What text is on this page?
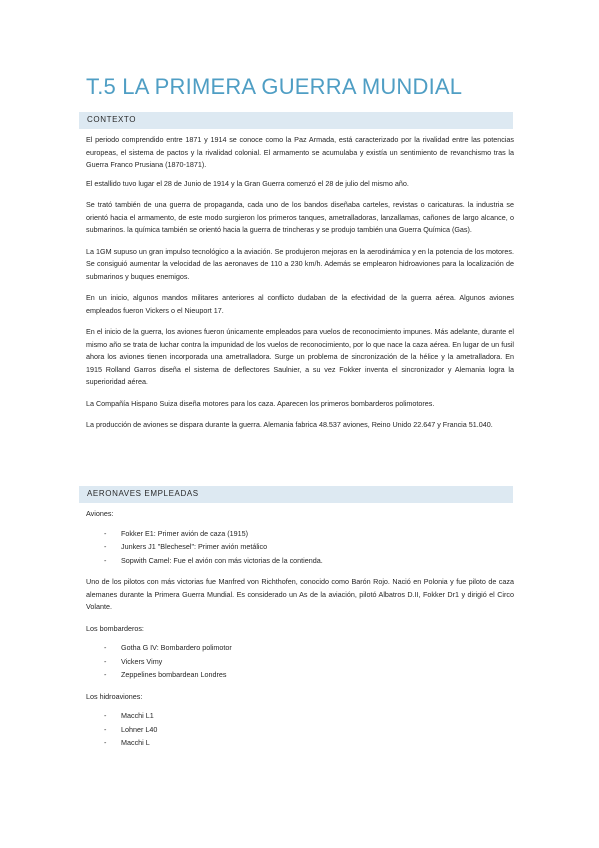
T.5 LA PRIMERA GUERRA MUNDIAL
CONTEXTO

El periodo comprendido entre 1871 y 1914 se conoce como la Paz Armada, está caracterizado por la rivalidad entre las potencias europeas, el sistema de pactos y la rivalidad colonial. El armamento se acumulaba y existía un sentimiento de revanchismo tras la Guerra Franco Prusiana (1870-1871).

El estallido tuvo lugar el 28 de Junio de 1914 y la Gran Guerra comenzó el 28 de julio del mismo año.

Se trató también de una guerra de propaganda, cada uno de los bandos diseñaba carteles, revistas o caricaturas. la industria se orientó hacia el armamento, de este modo surgieron los primeros tanques, ametralladoras, lanzallamas, cañones de largo alcance, o submarinos. la química también se orientó hacia la guerra de trincheras y se produjo también una Guerra Química (Gas).

La 1GM supuso un gran impulso tecnológico a la aviación. Se produjeron mejoras en la aerodinámica y en la potencia de los motores. Se consiguió aumentar la velocidad de las aeronaves de 110 a 230 km/h. Además se emplearon hidroaviones para la localización de submarinos y buques enemigos.

En un inicio, algunos mandos militares anteriores al conflicto dudaban de la efectividad de la guerra aérea. Algunos aviones empleados fueron Vickers o el Nieuport 17.

En el inicio de la guerra, los aviones fueron únicamente empleados para vuelos de reconocimiento impunes. Más adelante, durante el mismo año se trata de luchar contra la impunidad de los vuelos de reconocimiento, por lo que nace la caza aérea. En lugar de un fusil ahora los aviones tienen incorporada una ametralladora. Surge un problema de sincronización de la hélice y la ametralladora. En 1915 Rolland Garros diseña el sistema de deflectores Saulnier, a su vez Fokker inventa el sincronizador y Alemania logra la superioridad aérea.

La Compañía Hispano Suiza diseña motores para los caza. Aparecen los primeros bombarderos polimotores.

La producción de aviones se dispara durante la guerra. Alemania fabrica 48.537 aviones, Reino Unido 22.647 y Francia 51.040.

AERONAVES EMPLEADAS

Aviones:

- Fokker E1: Primer avión de caza (1915)
- Junkers J1 "Blechesel": Primer avión metálico
- Sopwith Camel: Fue el avión con más victorias de la contienda.

Uno de los pilotos con más victorias fue Manfred von Richthofen, conocido como Barón Rojo. Nació en Polonia y fue piloto de caza alemanes durante la Primera Guerra Mundial. Es considerado un As de la aviación, pilotó Albatros D.II, Fokker Dr1 y dirigió el Circo Volante.

Los bombarderos:

- Gotha G IV: Bombardero polimotor
- Vickers Vimy
- Zeppelines bombardean Londres

Los hidroaviones:

- Macchi L1
- Lohner L40
- Macchi L
